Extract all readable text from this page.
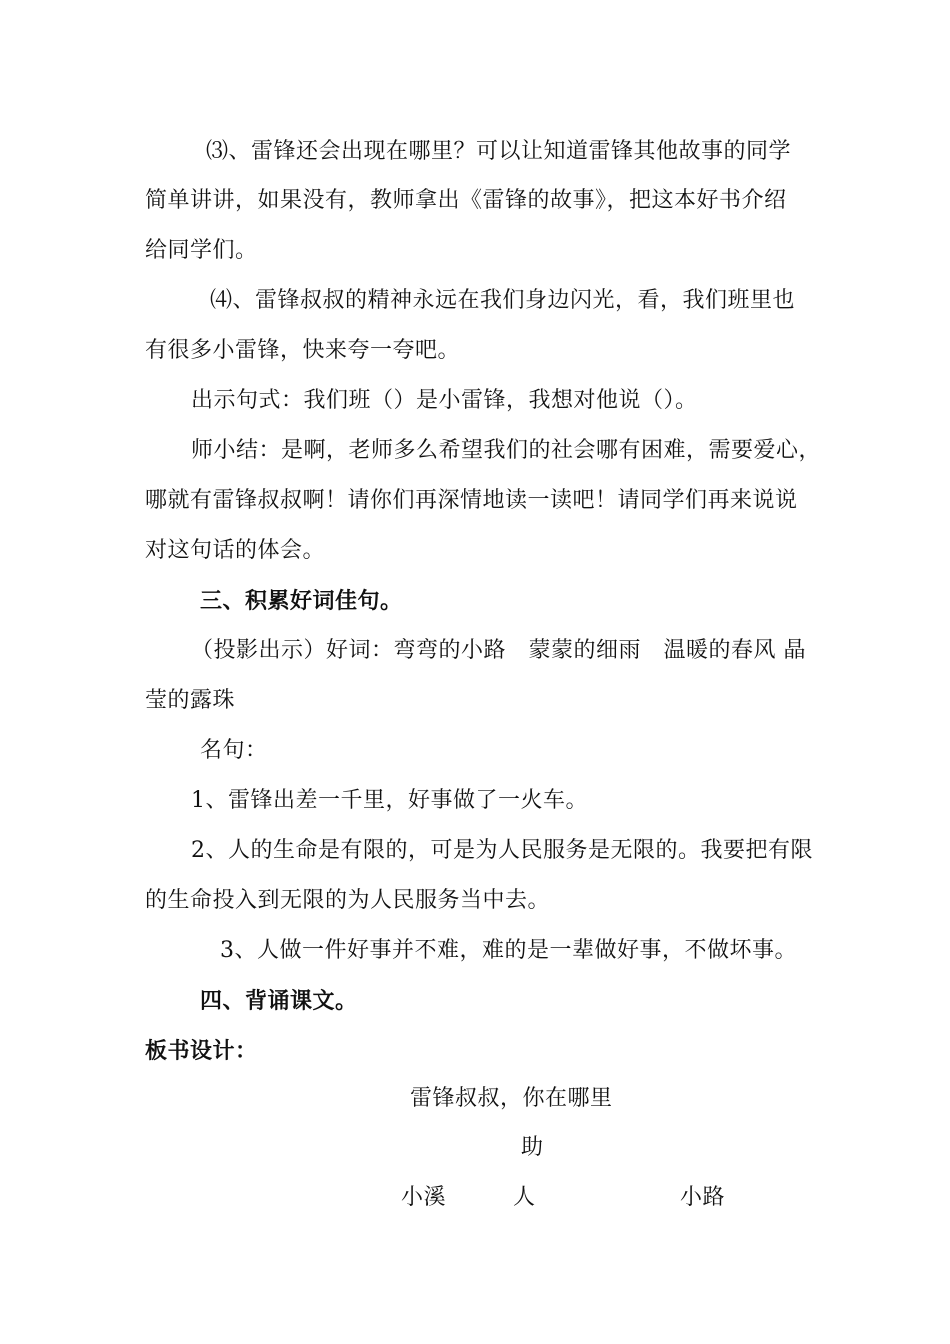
⑶、雷锋还会出现在哪里？可以让知道雷锋其他故事的同学
简单讲讲，如果没有，教师拿出《雷锋的故事》，把这本好书介绍
给同学们。
⑷、雷锋叔叔的精神永远在我们身边闪光，看，我们班里也
有很多小雷锋，快来夸一夸吧。
出示句式：我们班（）是小雷锋，我想对他说（）。
师小结：是啊，老师多么希望我们的社会哪有困难，需要爱心，
哪就有雷锋叔叔啊！请你们再深情地读一读吧！请同学们再来说说
对这句话的体会。
三、积累好词佳句。
（投影出示）好词：弯弯的小路　蒙蒙的细雨　温暖的春风 晶
莹的露珠
名句：
1、雷锋出差一千里，好事做了一火车。
2、人的生命是有限的，可是为人民服务是无限的。我要把有限
的生命投入到无限的为人民服务当中去。
3、人做一件好事并不难，难的是一辈做好事，不做坏事。
四、背诵课文。
板书设计：
雷锋叔叔，你在哪里
助
小溪	人	小路
